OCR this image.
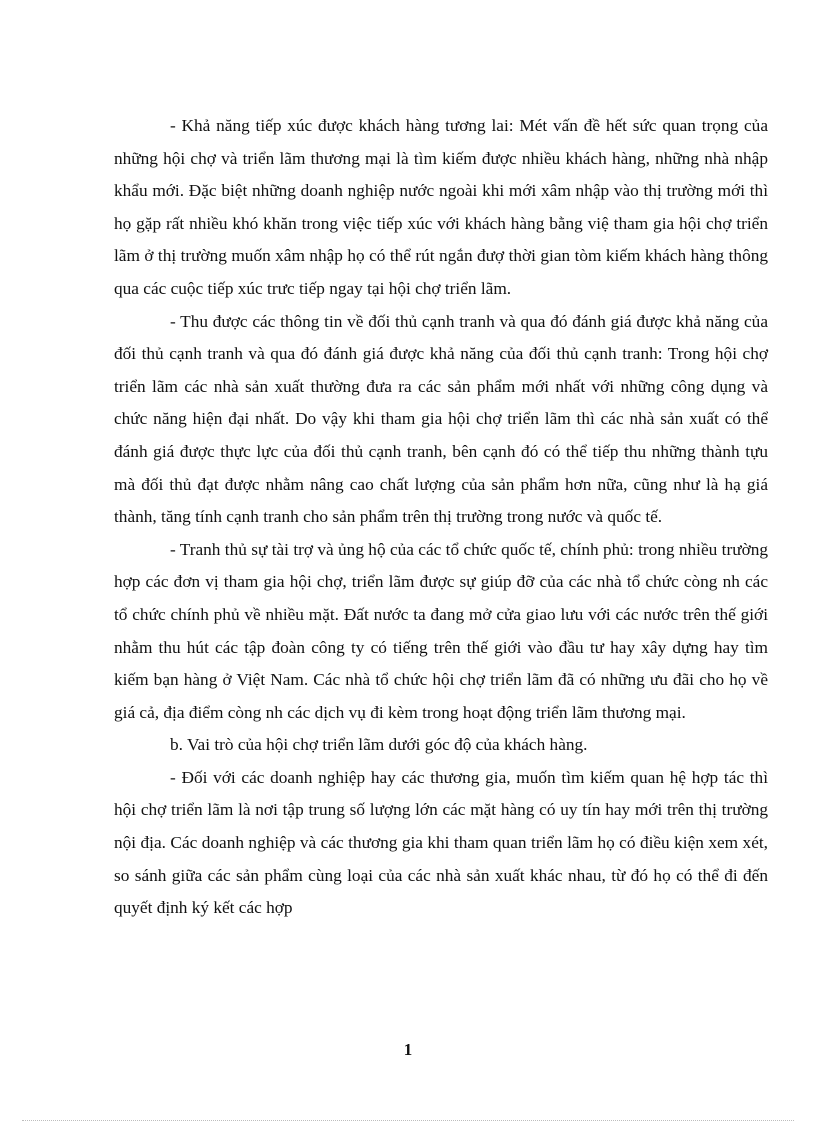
- Khả năng tiếp xúc được khách hàng tương lai: Mét vấn đề hết sức quan trọng của những hội chợ và triển lãm thương mại là tìm kiếm được nhiều khách hàng, những nhà nhập khẩu mới. Đặc biệt những doanh nghiệp nước ngoài khi mới xâm nhập vào thị trường mới thì họ gặp rất nhiều khó khăn trong việc tiếp xúc với khách hàng bằng việ tham gia hội chợ triển lãm ở thị trường muốn xâm nhập họ có thể rút ngắn đượ thời gian tòm kiếm khách hàng thông qua các cuộc tiếp xúc trưc tiếp ngay tại hội chợ triển lãm.

- Thu được các thông tin về đối thủ cạnh tranh và qua đó đánh giá được khả năng của đối thủ cạnh tranh và qua đó đánh giá được khả năng của đối thủ cạnh tranh: Trong hội chợ triển lãm các nhà sản xuất thường đưa ra các sản phẩm mới nhất với những công dụng và chức năng hiện đại nhất. Do vậy khi tham gia hội chợ triển lãm thì các nhà sản xuất có thể đánh giá được thực lực của đối thủ cạnh tranh, bên cạnh đó có thể tiếp thu những thành tựu mà đối thủ đạt được nhằm nâng cao chất lượng của sản phẩm hơn nữa, cũng như là hạ giá thành, tăng tính cạnh tranh cho sản phẩm trên thị trường trong nước và quốc tế.

- Tranh thủ sự tài trợ và ủng hộ của các tổ chức quốc tế, chính phủ: trong nhiều trường hợp các đơn vị tham gia hội chợ, triển lãm được sự giúp đỡ của các nhà tổ chức còng nh các tổ chức chính phủ về nhiều mặt. Đất nước ta đang mở cửa giao lưu với các nước trên thế giới nhằm thu hút các tập đoàn công ty có tiếng trên thế giới vào đầu tư hay xây dựng hay tìm kiếm bạn hàng ở Việt Nam. Các nhà tổ chức hội chợ triển lãm đã có những ưu đãi cho họ về giá cả, địa điểm còng nh các dịch vụ đi kèm trong hoạt động triển lãm thương mại.

b. Vai trò của hội chợ triển lãm dưới góc độ của khách hàng.

- Đối với các doanh nghiệp hay các thương gia, muốn tìm kiếm quan hệ hợp tác thì hội chợ triển lãm là nơi tập trung số lượng lớn các mặt hàng có uy tín hay mới trên thị trường nội địa. Các doanh nghiệp và các thương gia khi tham quan triển lãm họ có điều kiện xem xét, so sánh giữa các sản phẩm cùng loại của các nhà sản xuất khác nhau, từ đó họ có thể đi đến quyết định ký kết các hợp

1
